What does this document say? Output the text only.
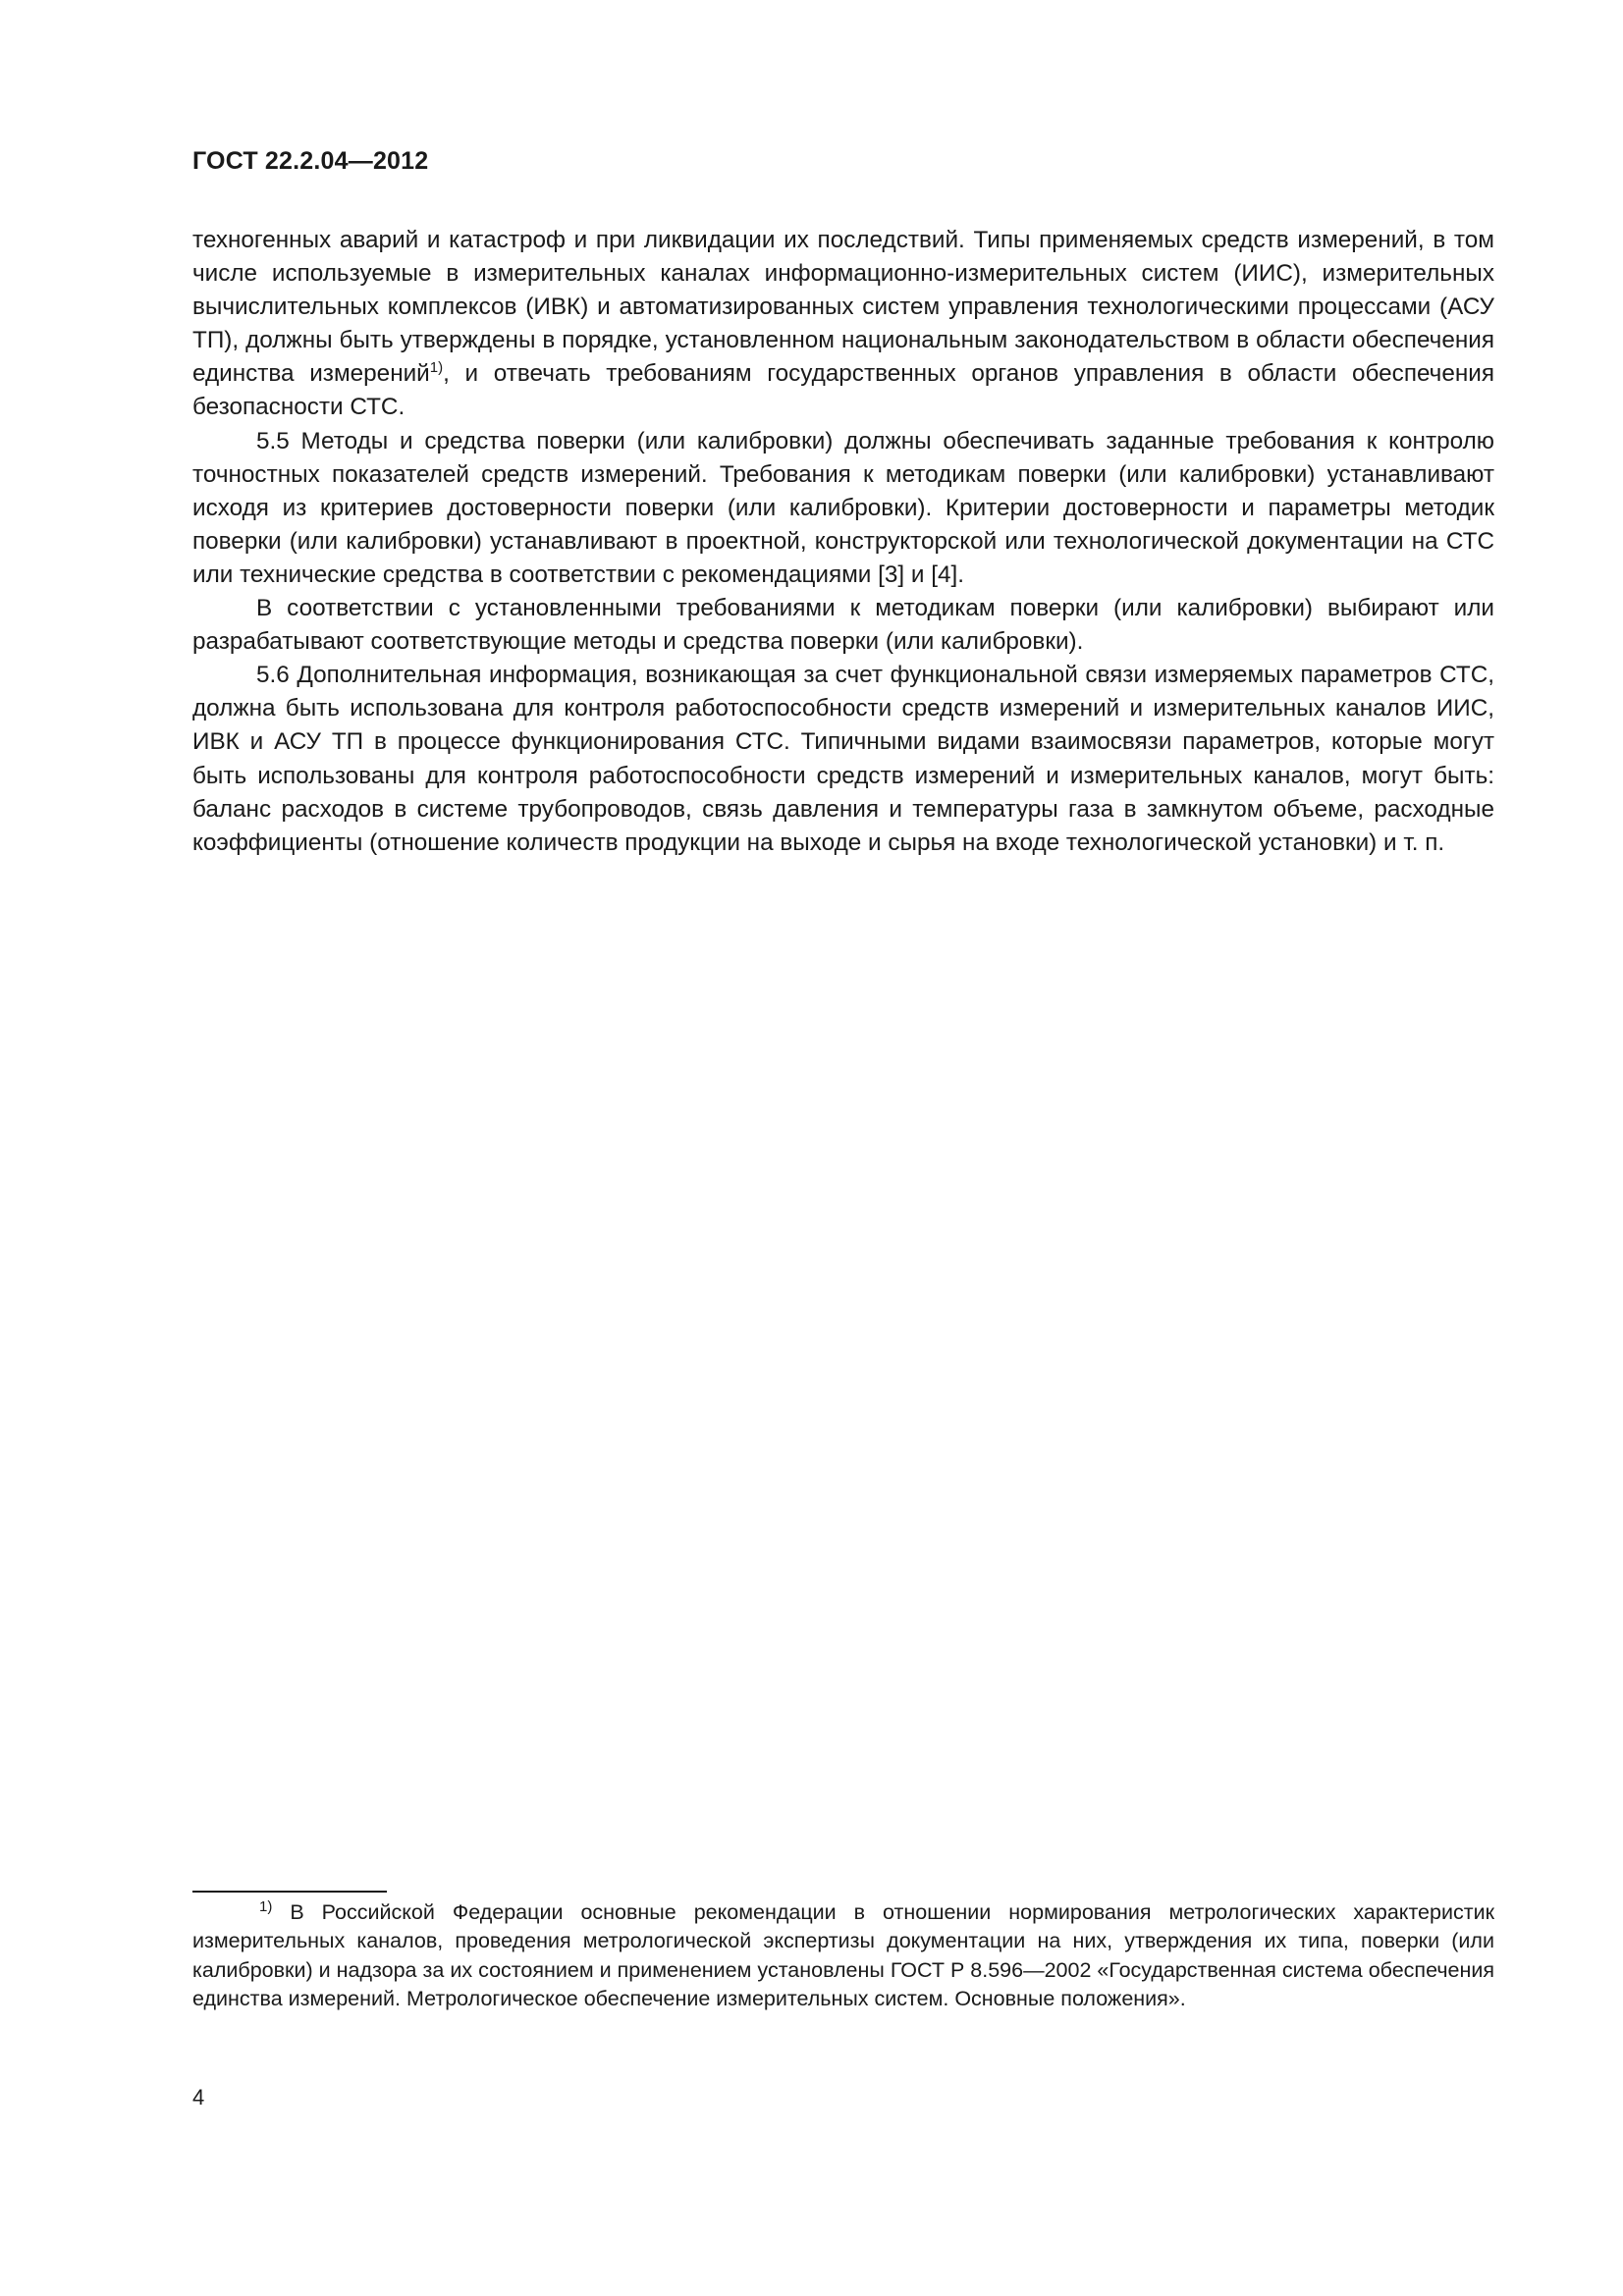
ГОСТ 22.2.04—2012

техногенных аварий и катастроф и при ликвидации их последствий. Типы применяемых средств измерений, в том числе используемые в измерительных каналах информационно-измерительных систем (ИИС), измерительных вычислительных комплексов (ИВК) и автоматизированных систем управления технологическими процессами (АСУ ТП), должны быть утверждены в порядке, установленном национальным законодательством в области обеспечения единства измерений$^{1)}$, и отвечать требованиям государственных органов управления в области обеспечения безопасности СТС.

5.5 Методы и средства поверки (или калибровки) должны обеспечивать заданные требования к контролю точностных показателей средств измерений. Требования к методикам поверки (или калибровки) устанавливают исходя из критериев достоверности поверки (или калибровки). Критерии достоверности и параметры методик поверки (или калибровки) устанавливают в проектной, конструкторской или технологической документации на СТС или технические средства в соответствии с рекомендациями [3] и [4].

В соответствии с установленными требованиями к методикам поверки (или калибровки) выбирают или разрабатывают соответствующие методы и средства поверки (или калибровки).

5.6 Дополнительная информация, возникающая за счет функциональной связи измеряемых параметров СТС, должна быть использована для контроля работоспособности средств измерений и измерительных каналов ИИС, ИВК и АСУ ТП в процессе функционирования СТС. Типичными видами взаимосвязи параметров, которые могут быть использованы для контроля работоспособности средств измерений и измерительных каналов, могут быть: баланс расходов в системе трубопроводов, связь давления и температуры газа в замкнутом объеме, расходные коэффициенты (отношение количеств продукции на выходе и сырья на входе технологической установки) и т. п.

$^{1)}$ В Российской Федерации основные рекомендации в отношении нормирования метрологических характеристик измерительных каналов, проведения метрологической экспертизы документации на них, утверждения их типа, поверки (или калибровки) и надзора за их состоянием и применением установлены ГОСТ Р 8.596—2002 «Государственная система обеспечения единства измерений. Метрологическое обеспечение измерительных систем. Основные положения».
4
